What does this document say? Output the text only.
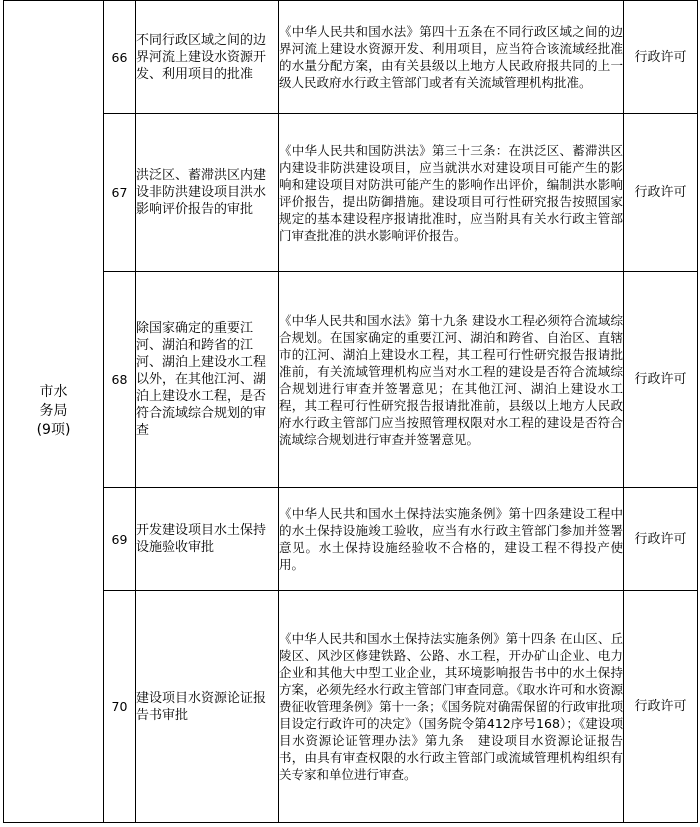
市水
务局
(9项)	66	不同行政区域之间的边界河流上建设水资源开发、利用项目的批准	《中华人民共和国水法》第四十五条在不同行政区域之间的边界河流上建设水资源开发、利用项目，应当符合该流域经批准的水量分配方案，由有关县级以上地方人民政府报共同的上一级人民政府水行政主管部门或者有关流域管理机构批准。	行政许可
	67	洪泛区、蓄滞洪区内建设非防洪建设项目洪水影响评价报告的审批	《中华人民共和国防洪法》第三十三条：在洪泛区、蓄滞洪区内建设非防洪建设项目，应当就洪水对建设项目可能产生的影响和建设项目对防洪可能产生的影响作出评价，编制洪水影响评价报告，提出防御措施。建设项目可行性研究报告按照国家规定的基本建设程序报请批准时，应当附具有关水行政主管部门审查批准的洪水影响评价报告。	行政许可
	68	除国家确定的重要江河、湖泊和跨省的江河、湖泊上建设水工程以外，在其他江河、湖泊上建设水工程，是否符合流域综合规划的审查	《中华人民共和国水法》第十九条 建设水工程必须符合流域综合规划。在国家确定的重要江河、湖泊和跨省、自治区、直辖市的江河、湖泊上建设水工程，其工程可行性研究报告报请批准前，有关流域管理机构应当对水工程的建设是否符合流域综合规划进行审查并签署意见；在其他江河、湖泊上建设水工程，其工程可行性研究报告报请批准前，县级以上地方人民政府水行政主管部门应当按照管理权限对水工程的建设是否符合流域综合规划进行审查并签署意见。	行政许可
	69	开发建设项目水土保持设施验收审批	《中华人民共和国水土保持法实施条例》第十四条建设工程中的水土保持设施竣工验收，应当有水行政主管部门参加并签署意见。水土保持设施经验收不合格的，建设工程不得投产使用。	行政许可
	70	建设项目水资源论证报告书审批	《中华人民共和国水土保持法实施条例》第十四条 在山区、丘陵区、风沙区修建铁路、公路、水工程，开办矿山企业、电力企业和其他大中型工业企业，其环境影响报告书中的水土保持方案，必须先经水行政主管部门审查同意。《取水许可和水资源费征收管理条例》第十一条；《国务院对确需保留的行政审批项目设定行政许可的决定》（国务院令第412序号168）；《建设项目水资源论证管理办法》第九条　建设项目水资源论证报告书，由具有审查权限的水行政主管部门或流域管理机构组织有关专家和单位进行审查。	行政许可
